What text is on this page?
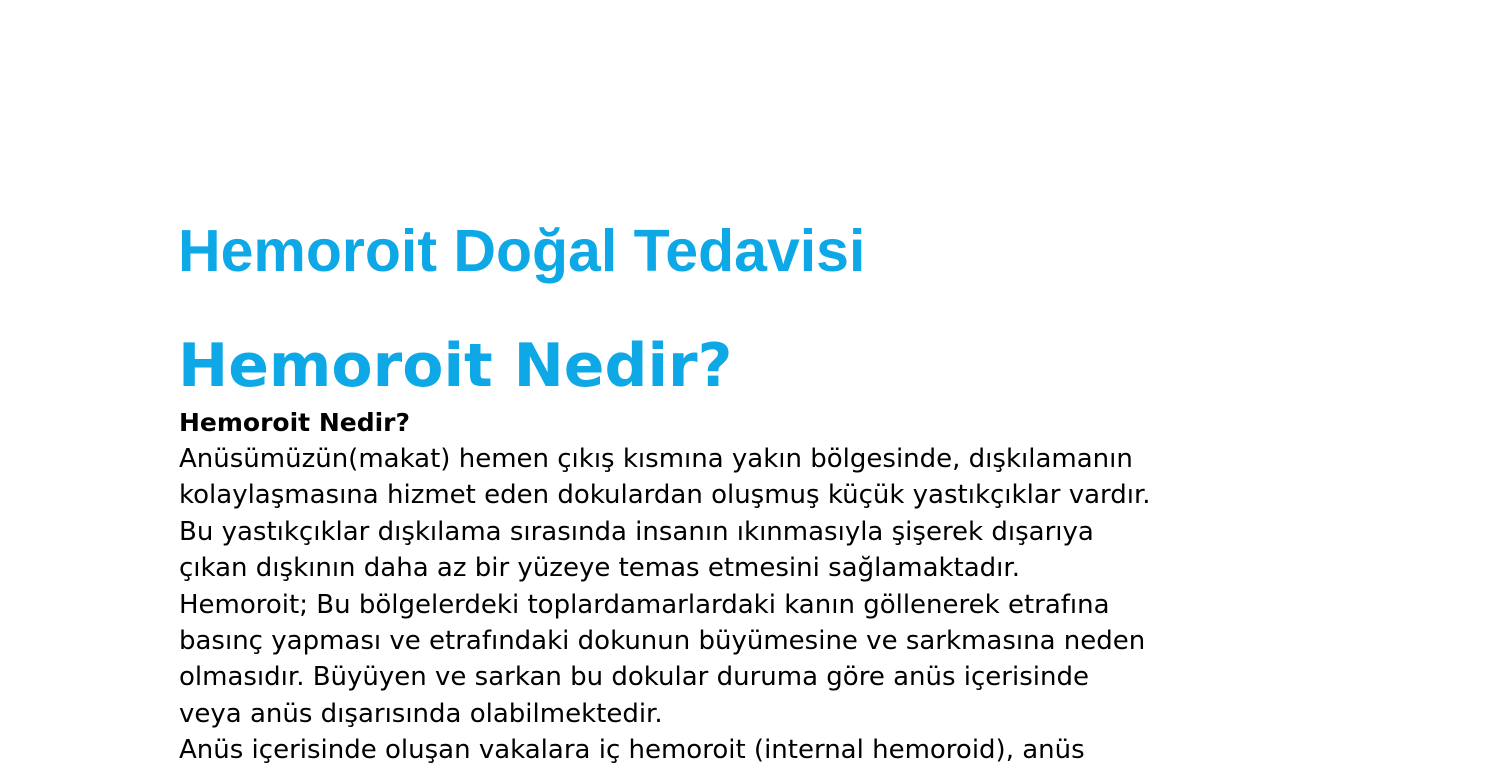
Hemoroit Doğal Tedavisi
Hemoroit Nedir?

Hemoroit Nedir?

Anüsümüzün(makat) hemen çıkış kısmına yakın bölgesinde, dışkılamanın
kolaylaşmasına hizmet eden dokulardan oluşmuş küçük yastıkçıklar vardır.
Bu yastıkçıklar dışkılama sırasında insanın ıkınmasıyla şişerek dışarıya
çıkan dışkının daha az bir yüzeye temas etmesini sağlamaktadır.
Hemoroit; Bu bölgelerdeki toplardamarlardaki kanın göllenerek etrafına
basınç yapması ve etrafındaki dokunun büyümesine ve sarkmasına neden
olmasıdır. Büyüyen ve sarkan bu dokular duruma göre anüs içerisinde
veya anüs dışarısında olabilmektedir.
Anüs içerisinde oluşan vakalara iç hemoroit (internal hemoroid), anüs
